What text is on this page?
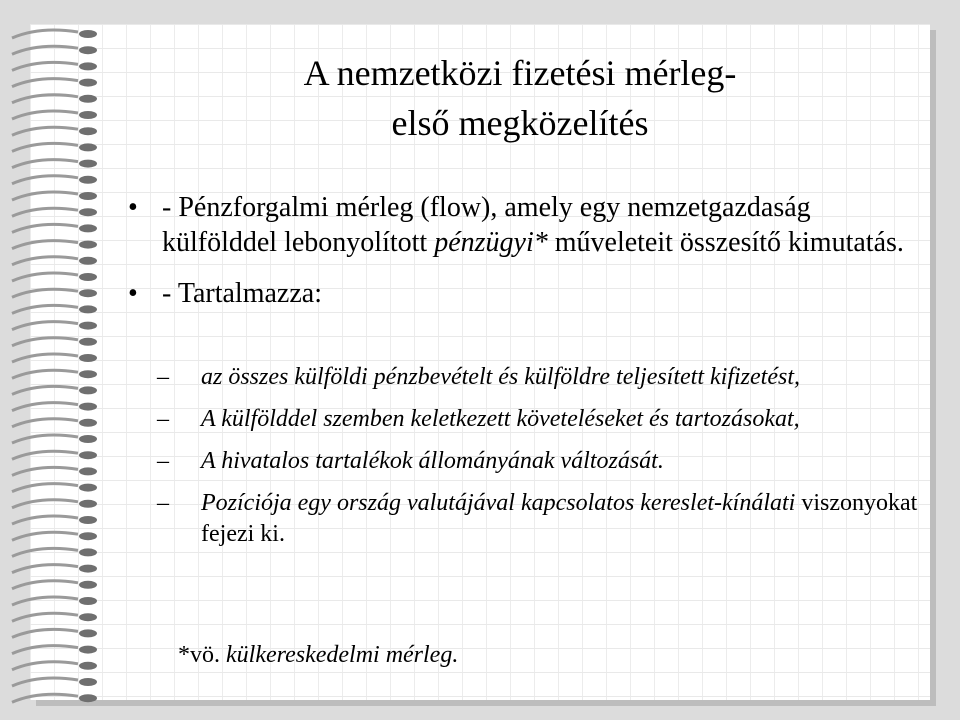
A nemzetközi fizetési mérleg-
első megközelítés
• - Pénzforgalmi mérleg (flow), amely egy nemzetgazdaság külfölddel lebonyolított pénzügyi* műveleteit összesítő kimutatás.
• - Tartalmazza:
– az összes külföldi pénzbevételt és külföldre teljesített kifizetést,
– A külfölddel szemben keletkezett követeléseket és tartozásokat,
– A hivatalos tartalékok állományának változását.
– Pozíciója egy ország valutájával kapcsolatos kereslet-kínálati viszonyokat fejezi ki.
*vö. külkereskedelmi mérleg.
